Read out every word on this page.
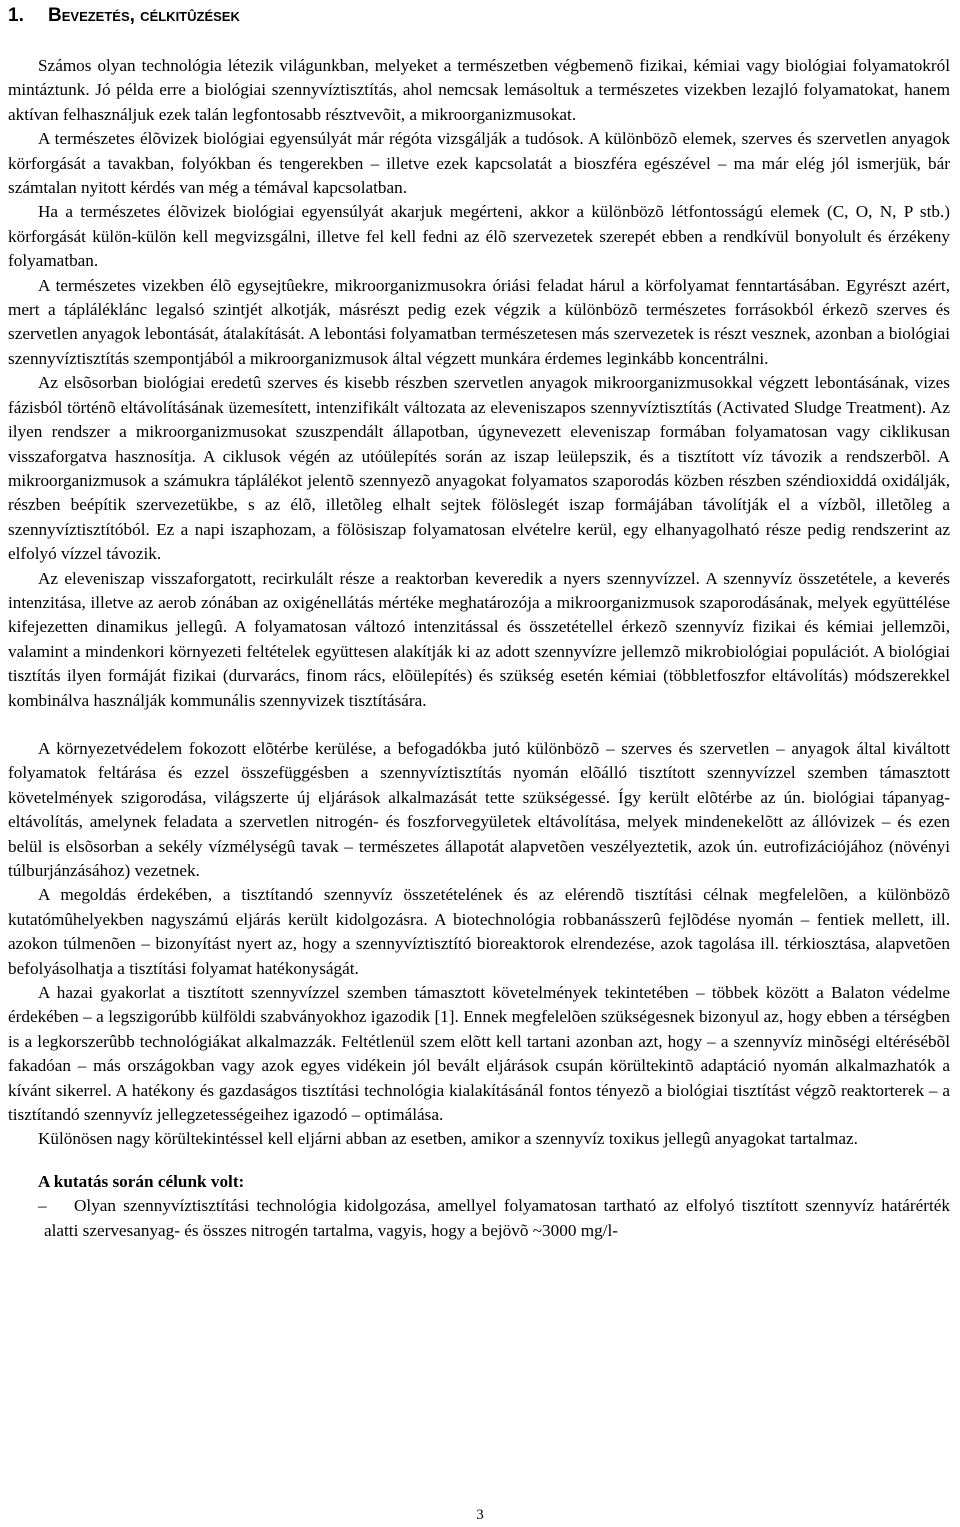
1. Bevezetés, célkitûzések

Számos olyan technológia létezik világunkban, melyeket a természetben végbemenõ fizikai, kémiai vagy biológiai folyamatokról mintáztunk. Jó példa erre a biológiai szennyvíztisztítás, ahol nemcsak lemásoltuk a természetes vizekben lezajló folyamatokat, hanem aktívan felhasználjuk ezek talán legfontosabb résztvevõit, a mikroorganizmusokat.

A természetes élõvizek biológiai egyensúlyát már régóta vizsgálják a tudósok. A különbözõ elemek, szerves és szervetlen anyagok körforgását a tavakban, folyókban és tengerekben – illetve ezek kapcsolatát a bioszféra egészével – ma már elég jól ismerjük, bár számtalan nyitott kérdés van még a témával kapcsolatban.

Ha a természetes élõvizek biológiai egyensúlyát akarjuk megérteni, akkor a különbözõ létfontosságú elemek (C, O, N, P stb.) körforgását külön-külön kell megvizsgálni, illetve fel kell fedni az élõ szervezetek szerepét ebben a rendkívül bonyolult és érzékeny folyamatban.

A természetes vizekben élõ egysejtûekre, mikroorganizmusokra óriási feladat hárul a körfolyamat fenntartásában. Egyrészt azért, mert a tápláléklánc legalsó szintjét alkotják, másrészt pedig ezek végzik a különbözõ természetes forrásokból érkezõ szerves és szervetlen anyagok lebontását, átalakítását. A lebontási folyamatban természetesen más szervezetek is részt vesznek, azonban a biológiai szennyvíztisztítás szempontjából a mikroorganizmusok által végzett munkára érdemes leginkább koncentrálni.

Az elsõsorban biológiai eredetû szerves és kisebb részben szervetlen anyagok mikroorganizmusokkal végzett lebontásának, vizes fázisból történõ eltávolításának üzemesített, intenzifikált változata az eleveniszapos szennyvíztisztítás (Activated Sludge Treatment). Az ilyen rendszer a mikroorganizmusokat szuszpendált állapotban, úgynevezett eleveniszap formában folyamatosan vagy ciklikusan visszaforgatva hasznosítja. A ciklusok végén az utóülepítés során az iszap leülepszik, és a tisztított víz távozik a rendszerbõl. A mikroorganizmusok a számukra táplálékot jelentõ szennyezõ anyagokat folyamatos szaporodás közben részben széndioxiddá oxidálják, részben beépítik szervezetükbe, s az élõ, illetõleg elhalt sejtek fölöslegét iszap formájában távolítják el a vízbõl, illetõleg a szennyvíztisztítóból. Ez a napi iszaphozam, a fölösiszap folyamatosan elvételre kerül, egy elhanyagolható része pedig rendszerint az elfolyó vízzel távozik.

Az eleveniszap visszaforgatott, recirkulált része a reaktorban keveredik a nyers szennyvízzel. A szennyvíz összetétele, a keverés intenzitása, illetve az aerob zónában az oxigénellátás mértéke meghatározója a mikroorganizmusok szaporodásának, melyek együttélése kifejezetten dinamikus jellegû. A folyamatosan változó intenzitással és összetétellel érkezõ szennyvíz fizikai és kémiai jellemzõi, valamint a mindenkori környezeti feltételek együttesen alakítják ki az adott szennyvízre jellemzõ mikrobiológiai populációt. A biológiai tisztítás ilyen formáját fizikai (durvarács, finom rács, elõülepítés) és szükség esetén kémiai (többletfoszfor eltávolítás) módszerekkel kombinálva használják kommunális szennyvizek tisztítására.

A környezetvédelem fokozott elõtérbe kerülése, a befogadókba jutó különbözõ – szerves és szervetlen – anyagok által kiváltott folyamatok feltárása és ezzel összefüggésben a szennyvíztisztítás nyomán elõálló tisztított szennyvízzel szemben támasztott követelmények szigorodása, világszerte új eljárások alkalmazását tette szükségessé. Így került elõtérbe az ún. biológiai tápanyag-eltávolítás, amelynek feladata a szervetlen nitrogén- és foszforvegyületek eltávolítása, melyek mindenekelõtt az állóvizek – és ezen belül is elsõsorban a sekély vízmélységû tavak – természetes állapotát alapvetõen veszélyeztetik, azok ún. eutrofizációjához (növényi túlburjánzásához) vezetnek.

A megoldás érdekében, a tisztítandó szennyvíz összetételének és az elérendõ tisztítási célnak megfelelõen, a különbözõ kutatómûhelyekben nagyszámú eljárás került kidolgozásra. A biotechnológia robbanásszerû fejlõdése nyomán – fentiek mellett, ill. azokon túlmenõen – bizonyítást nyert az, hogy a szennyvíztisztító bioreaktorok elrendezése, azok tagolása ill. térkiosztása, alapvetõen befolyásolhatja a tisztítási folyamat hatékonyságát.

A hazai gyakorlat a tisztított szennyvízzel szemben támasztott követelmények tekintetében – többek között a Balaton védelme érdekében – a legszigorúbb külföldi szabványokhoz igazodik [1]. Ennek megfelelõen szükségesnek bizonyul az, hogy ebben a térségben is a legkorszerûbb technológiákat alkalmazzák. Feltétlenül szem elõtt kell tartani azonban azt, hogy – a szennyvíz minõségi eltérésébõl fakadóan – más országokban vagy azok egyes vidékein jól bevált eljárások csupán körültekintõ adaptáció nyomán alkalmazhatók a kívánt sikerrel. A hatékony és gazdaságos tisztítási technológia kialakításánál fontos tényezõ a biológiai tisztítást végzõ reaktorterek – a tisztítandó szennyvíz jellegzetességeihez igazodó – optimálása.

Különösen nagy körültekintéssel kell eljárni abban az esetben, amikor a szennyvíz toxikus jellegû anyagokat tartalmaz.

A kutatás során célunk volt:

– Olyan szennyvíztisztítási technológia kidolgozása, amellyel folyamatosan tartható az elfolyó tisztított szennyvíz határérték alatti szervesanyag- és összes nitrogén tartalma, vagyis, hogy a bejövõ ~3000 mg/l-

3
